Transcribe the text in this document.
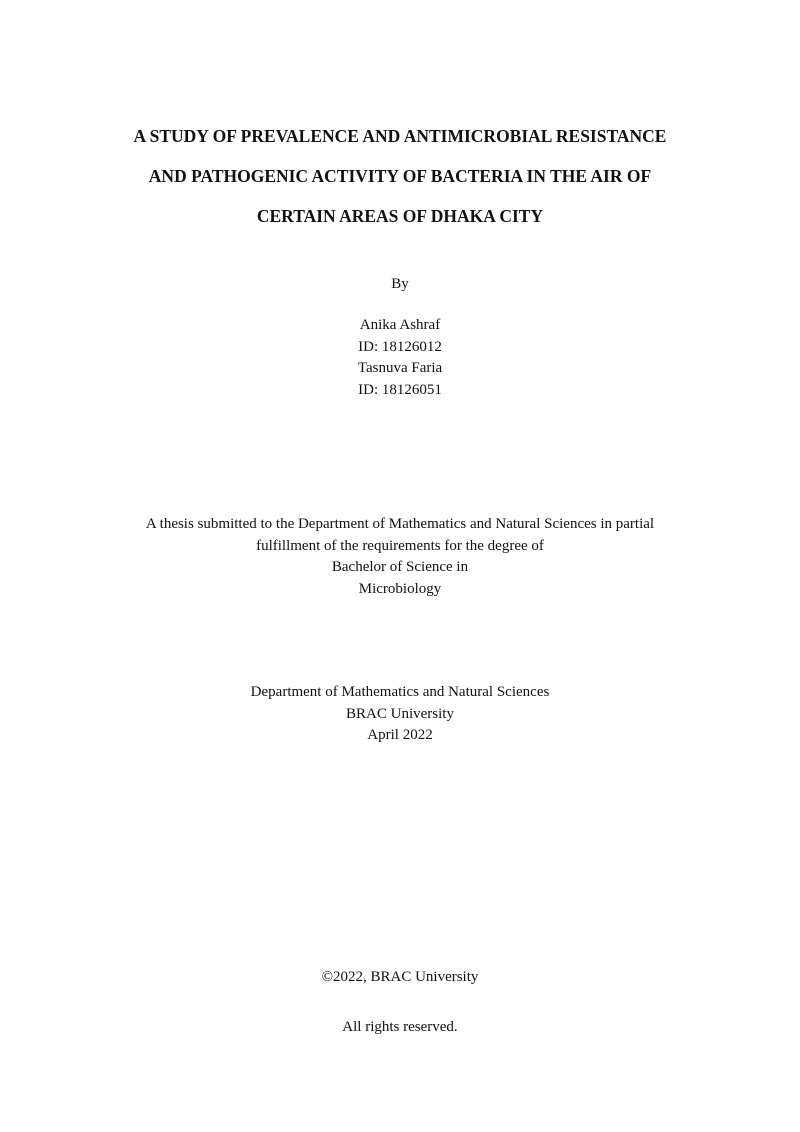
A STUDY OF PREVALENCE AND ANTIMICROBIAL RESISTANCE
AND PATHOGENIC ACTIVITY OF BACTERIA IN THE AIR OF
CERTAIN AREAS OF DHAKA CITY
By
Anika Ashraf
ID: 18126012
Tasnuva Faria
ID: 18126051
A thesis submitted to the Department of Mathematics and Natural Sciences in partial
fulfillment of the requirements for the degree of
Bachelor of Science in
Microbiology
Department of Mathematics and Natural Sciences
BRAC University
April 2022
©2022, BRAC University
All rights reserved.
